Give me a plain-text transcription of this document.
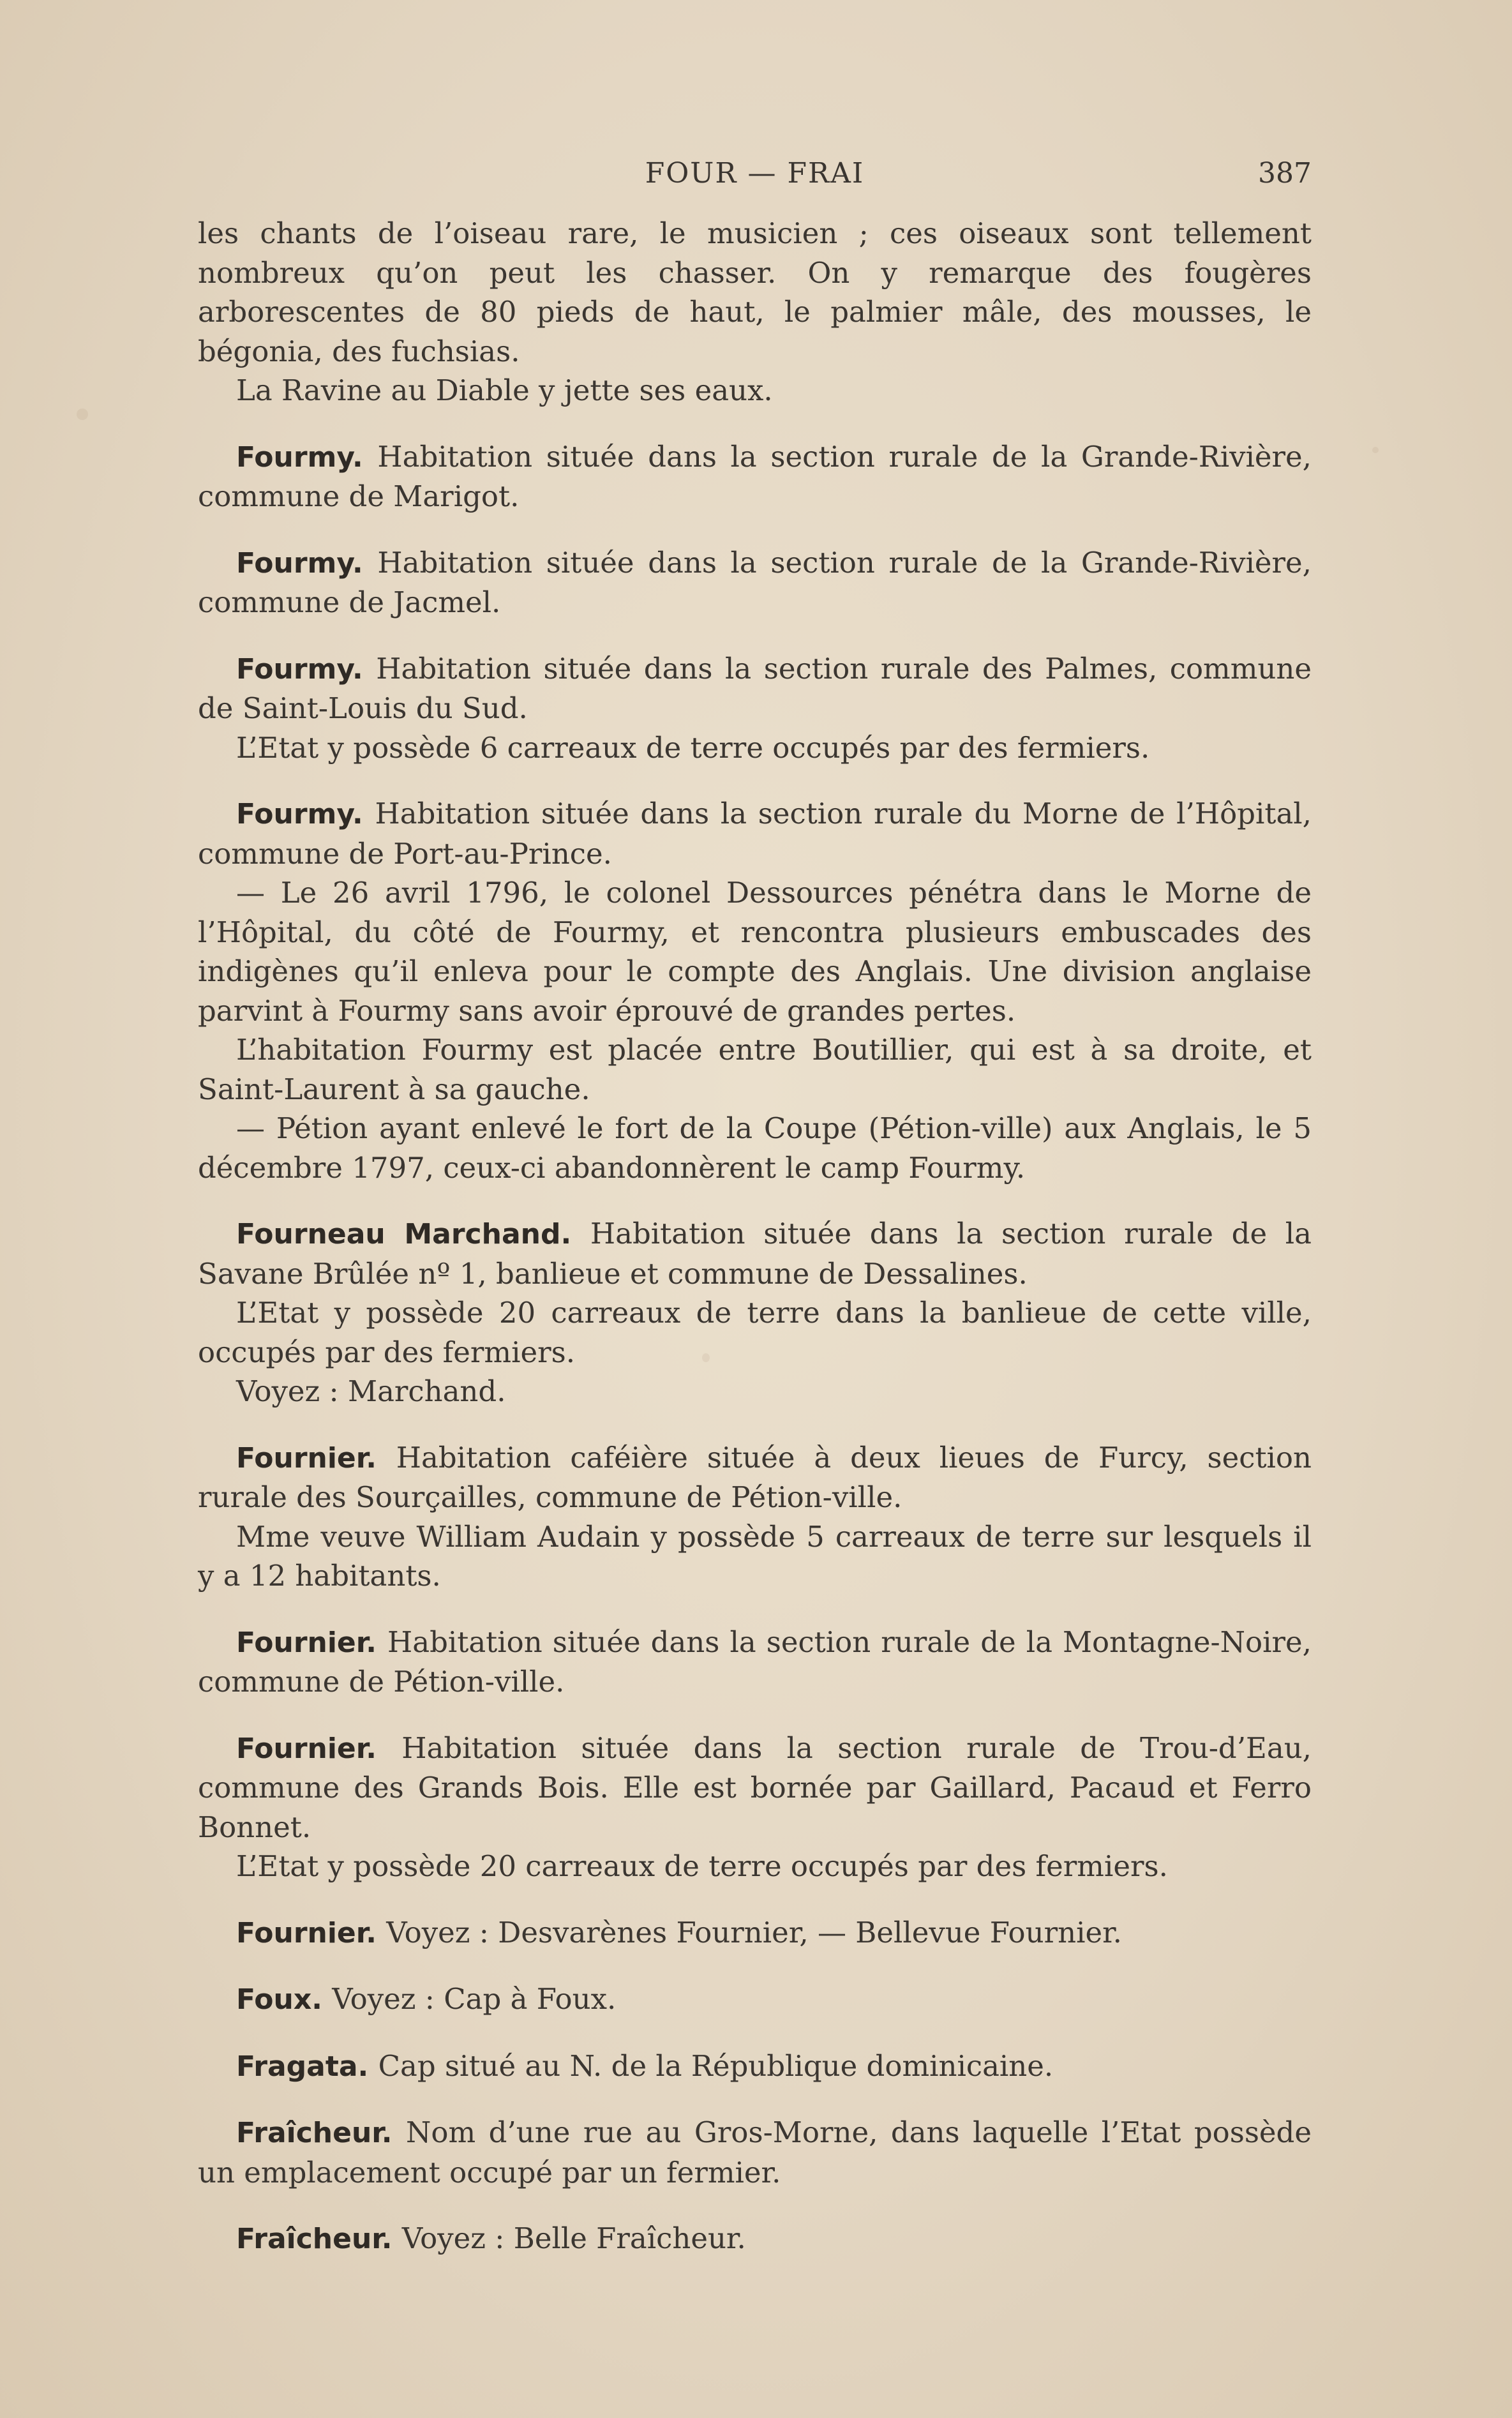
FOUR — FRAI	387

les chants de l’oiseau rare, le musicien ; ces oiseaux sont tellement nombreux qu’on peut les chasser. On y remarque des fougères arborescentes de 80 pieds de haut, le palmier mâle, des mousses, le bégonia, des fuchsias.

La Ravine au Diable y jette ses eaux.

Fourmy. Habitation située dans la section rurale de la Grande-Rivière, commune de Marigot.

Fourmy. Habitation située dans la section rurale de la Grande-Rivière, commune de Jacmel.

Fourmy. Habitation située dans la section rurale des Palmes, commune de Saint-Louis du Sud.

L’Etat y possède 6 carreaux de terre occupés par des fermiers.

Fourmy. Habitation située dans la section rurale du Morne de l’Hôpital, commune de Port-au-Prince.

— Le 26 avril 1796, le colonel Dessources pénétra dans le Morne de l’Hôpital, du côté de Fourmy, et rencontra plusieurs embuscades des indigènes qu’il enleva pour le compte des Anglais. Une division anglaise parvint à Fourmy sans avoir éprouvé de grandes pertes.

L’habitation Fourmy est placée entre Boutillier, qui est à sa droite, et Saint-Laurent à sa gauche.

— Pétion ayant enlevé le fort de la Coupe (Pétion-ville) aux Anglais, le 5 décembre 1797, ceux-ci abandonnèrent le camp Fourmy.

Fourneau Marchand. Habitation située dans la section rurale de la Savane Brûlée nº 1, banlieue et commune de Dessalines.

L’Etat y possède 20 carreaux de terre dans la banlieue de cette ville, occupés par des fermiers.

Voyez : Marchand.

Fournier. Habitation caféière située à deux lieues de Furcy, section rurale des Sourçailles, commune de Pétion-ville.

Mme veuve William Audain y possède 5 carreaux de terre sur lesquels il y a 12 habitants.

Fournier. Habitation située dans la section rurale de la Montagne-Noire, commune de Pétion-ville.

Fournier. Habitation située dans la section rurale de Trou-d’Eau, commune des Grands Bois. Elle est bornée par Gaillard, Pacaud et Ferro Bonnet.

L’Etat y possède 20 carreaux de terre occupés par des fermiers.

Fournier. Voyez : Desvarènes Fournier, — Bellevue Fournier.

Foux. Voyez : Cap à Foux.

Fragata. Cap situé au N. de la République dominicaine.

Fraîcheur. Nom d’une rue au Gros-Morne, dans laquelle l’Etat possède un emplacement occupé par un fermier.

Fraîcheur. Voyez : Belle Fraîcheur.
